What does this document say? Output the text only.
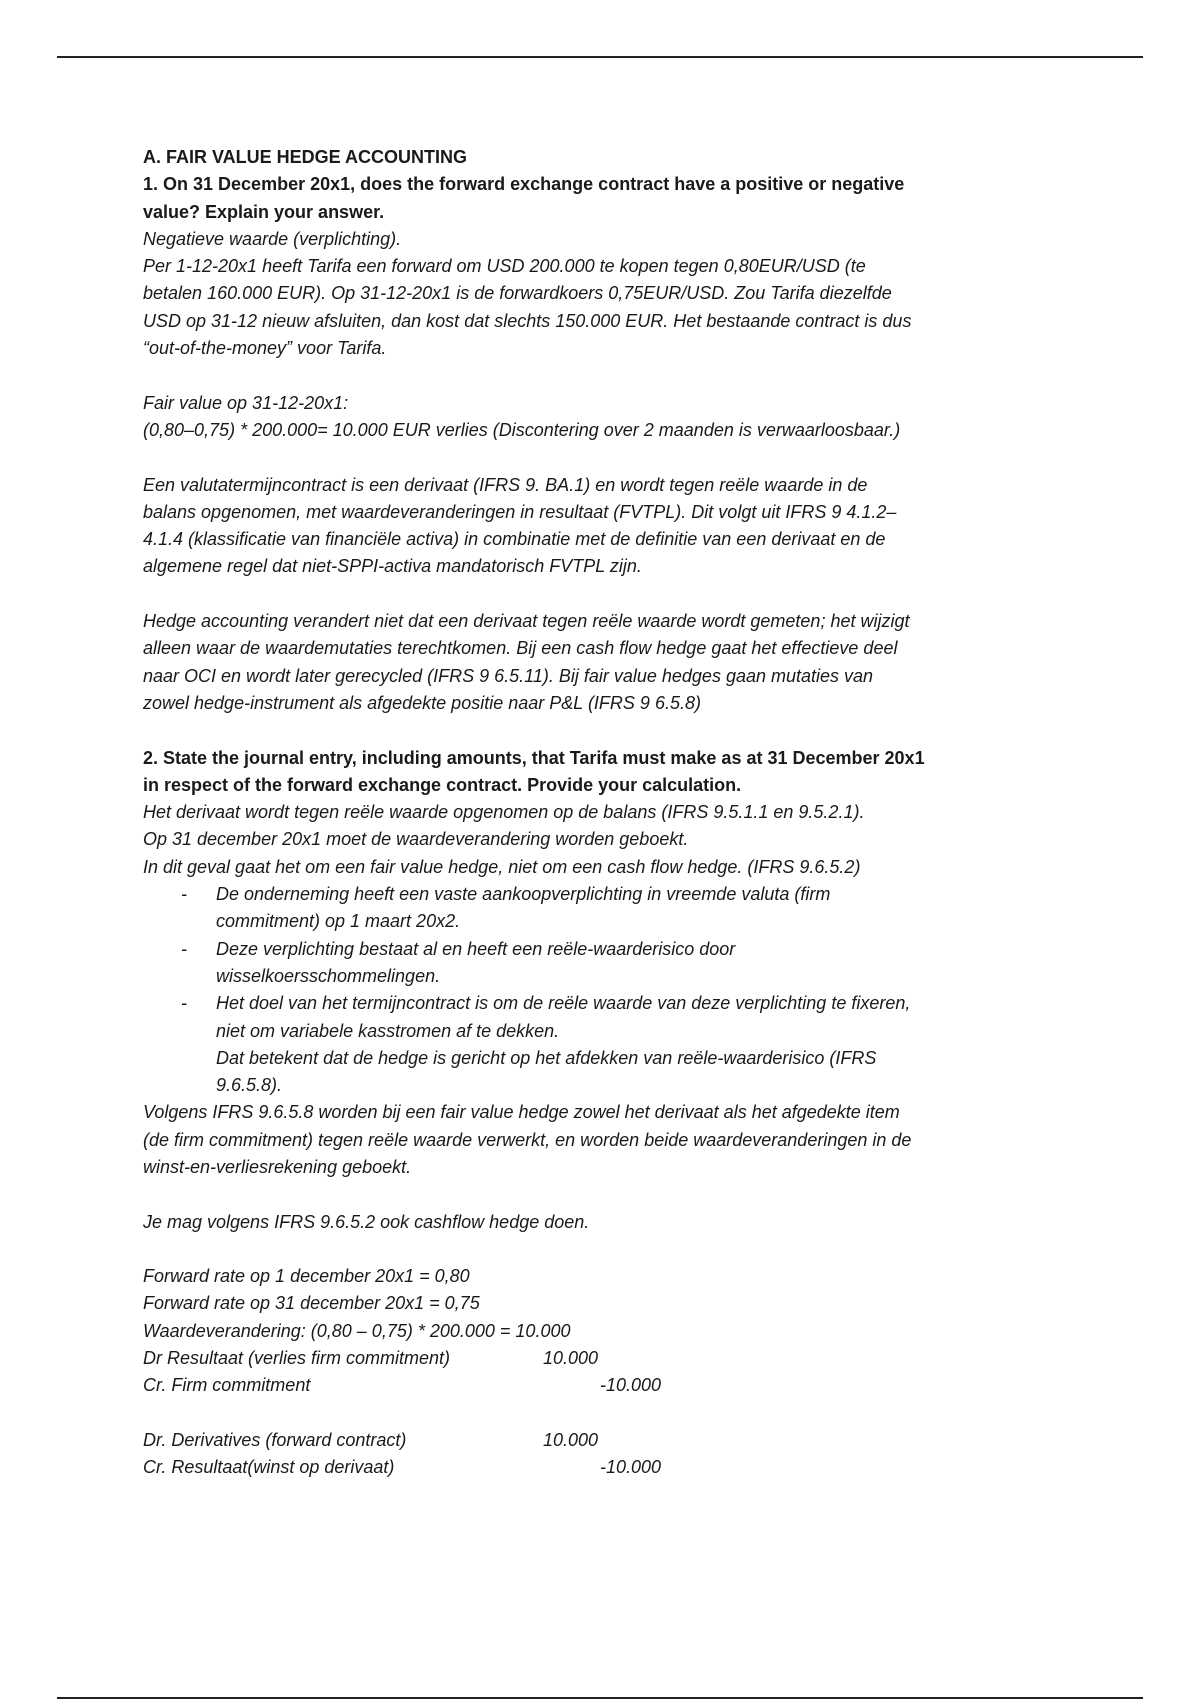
A. FAIR VALUE HEDGE ACCOUNTING
1. On 31 December 20x1, does the forward exchange contract have a positive or negative
value? Explain your answer.
Negatieve waarde (verplichting).
Per 1-12-20x1 heeft Tarifa een forward om USD 200.000 te kopen tegen 0,80EUR/USD (te
betalen 160.000 EUR). Op 31-12-20x1 is de forwardkoers 0,75EUR/USD. Zou Tarifa diezelfde
USD op 31-12 nieuw afsluiten, dan kost dat slechts 150.000 EUR. Het bestaande contract is dus
“out-of-the-money” voor Tarifa.
Fair value op 31-12-20x1:
(0,80–0,75) * 200.000= 10.000 EUR verlies (Discontering over 2 maanden is verwaarloosbaar.)
Een valutatermijncontract is een derivaat (IFRS 9. BA.1) en wordt tegen reële waarde in de
balans opgenomen, met waardeveranderingen in resultaat (FVTPL). Dit volgt uit IFRS 9 4.1.2–
4.1.4 (klassificatie van financiële activa) in combinatie met de definitie van een derivaat en de
algemene regel dat niet-SPPI-activa mandatorisch FVTPL zijn.
Hedge accounting verandert niet dat een derivaat tegen reële waarde wordt gemeten; het wijzigt
alleen waar de waardemutaties terechtkomen. Bij een cash flow hedge gaat het effectieve deel
naar OCI en wordt later gerecycled (IFRS 9 6.5.11). Bij fair value hedges gaan mutaties van
zowel hedge-instrument als afgedekte positie naar P&L (IFRS 9 6.5.8)
2. State the journal entry, including amounts, that Tarifa must make as at 31 December 20x1
in respect of the forward exchange contract. Provide your calculation.
Het derivaat wordt tegen reële waarde opgenomen op de balans (IFRS 9.5.1.1 en 9.5.2.1).
Op 31 december 20x1 moet de waardeverandering worden geboekt.
In dit geval gaat het om een fair value hedge, niet om een cash flow hedge. (IFRS 9.6.5.2)
- De onderneming heeft een vaste aankoopverplichting in vreemde valuta (firm
commitment) op 1 maart 20x2.
- Deze verplichting bestaat al en heeft een reële-waarderisico door
wisselkoersschommelingen.
- Het doel van het termijncontract is om de reële waarde van deze verplichting te fixeren,
niet om variabele kasstromen af te dekken.
Dat betekent dat de hedge is gericht op het afdekken van reële-waarderisico (IFRS
9.6.5.8).
Volgens IFRS 9.6.5.8 worden bij een fair value hedge zowel het derivaat als het afgedekte item
(de firm commitment) tegen reële waarde verwerkt, en worden beide waardeveranderingen in de
winst-en-verliesrekening geboekt.
Je mag volgens IFRS 9.6.5.2 ook cashflow hedge doen.
Forward rate op 1 december 20x1 = 0,80
Forward rate op 31 december 20x1 = 0,75
Waardeverandering: (0,80 – 0,75) * 200.000 = 10.000
Dr Resultaat (verlies firm commitment)	10.000
Cr. Firm commitment	-10.000
Dr. Derivatives (forward contract)	10.000
Cr. Resultaat(winst op derivaat)	-10.000
